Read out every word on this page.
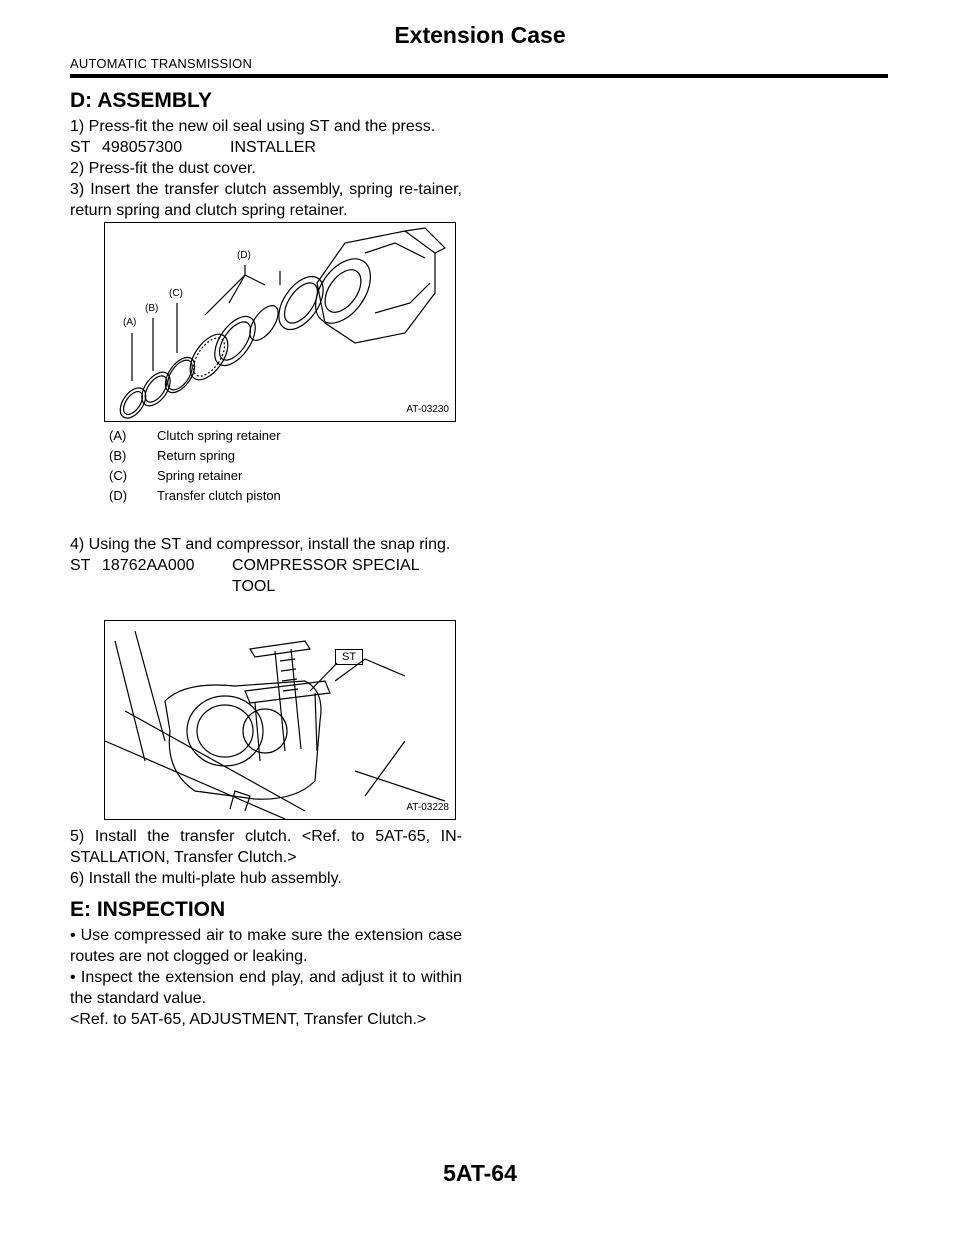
Extension Case
AUTOMATIC TRANSMISSION
D: ASSEMBLY

1) Press-fit the new oil seal using ST and the press.

ST 498057300	INSTALLER

2) Press-fit the dust cover.

3) Insert the transfer clutch assembly, spring re-tainer, return spring and clutch spring retainer.

(A)
(B)
(C)
(D)
AT-03230
(A)	Clutch spring retainer
(B)	Return spring
(C)	Spring retainer
(D)	Transfer clutch piston

4) Using the ST and compressor, install the snap ring.

ST 18762AA000	COMPRESSOR SPECIAL TOOL
ST
AT-03228

5) Install the transfer clutch. <Ref. to 5AT-65, IN-STALLATION, Transfer Clutch.>

6) Install the multi-plate hub assembly.

E: INSPECTION

• Use compressed air to make sure the extension case routes are not clogged or leaking.

• Inspect the extension end play, and adjust it to within the standard value.

<Ref. to 5AT-65, ADJUSTMENT, Transfer Clutch.>

5AT-64
